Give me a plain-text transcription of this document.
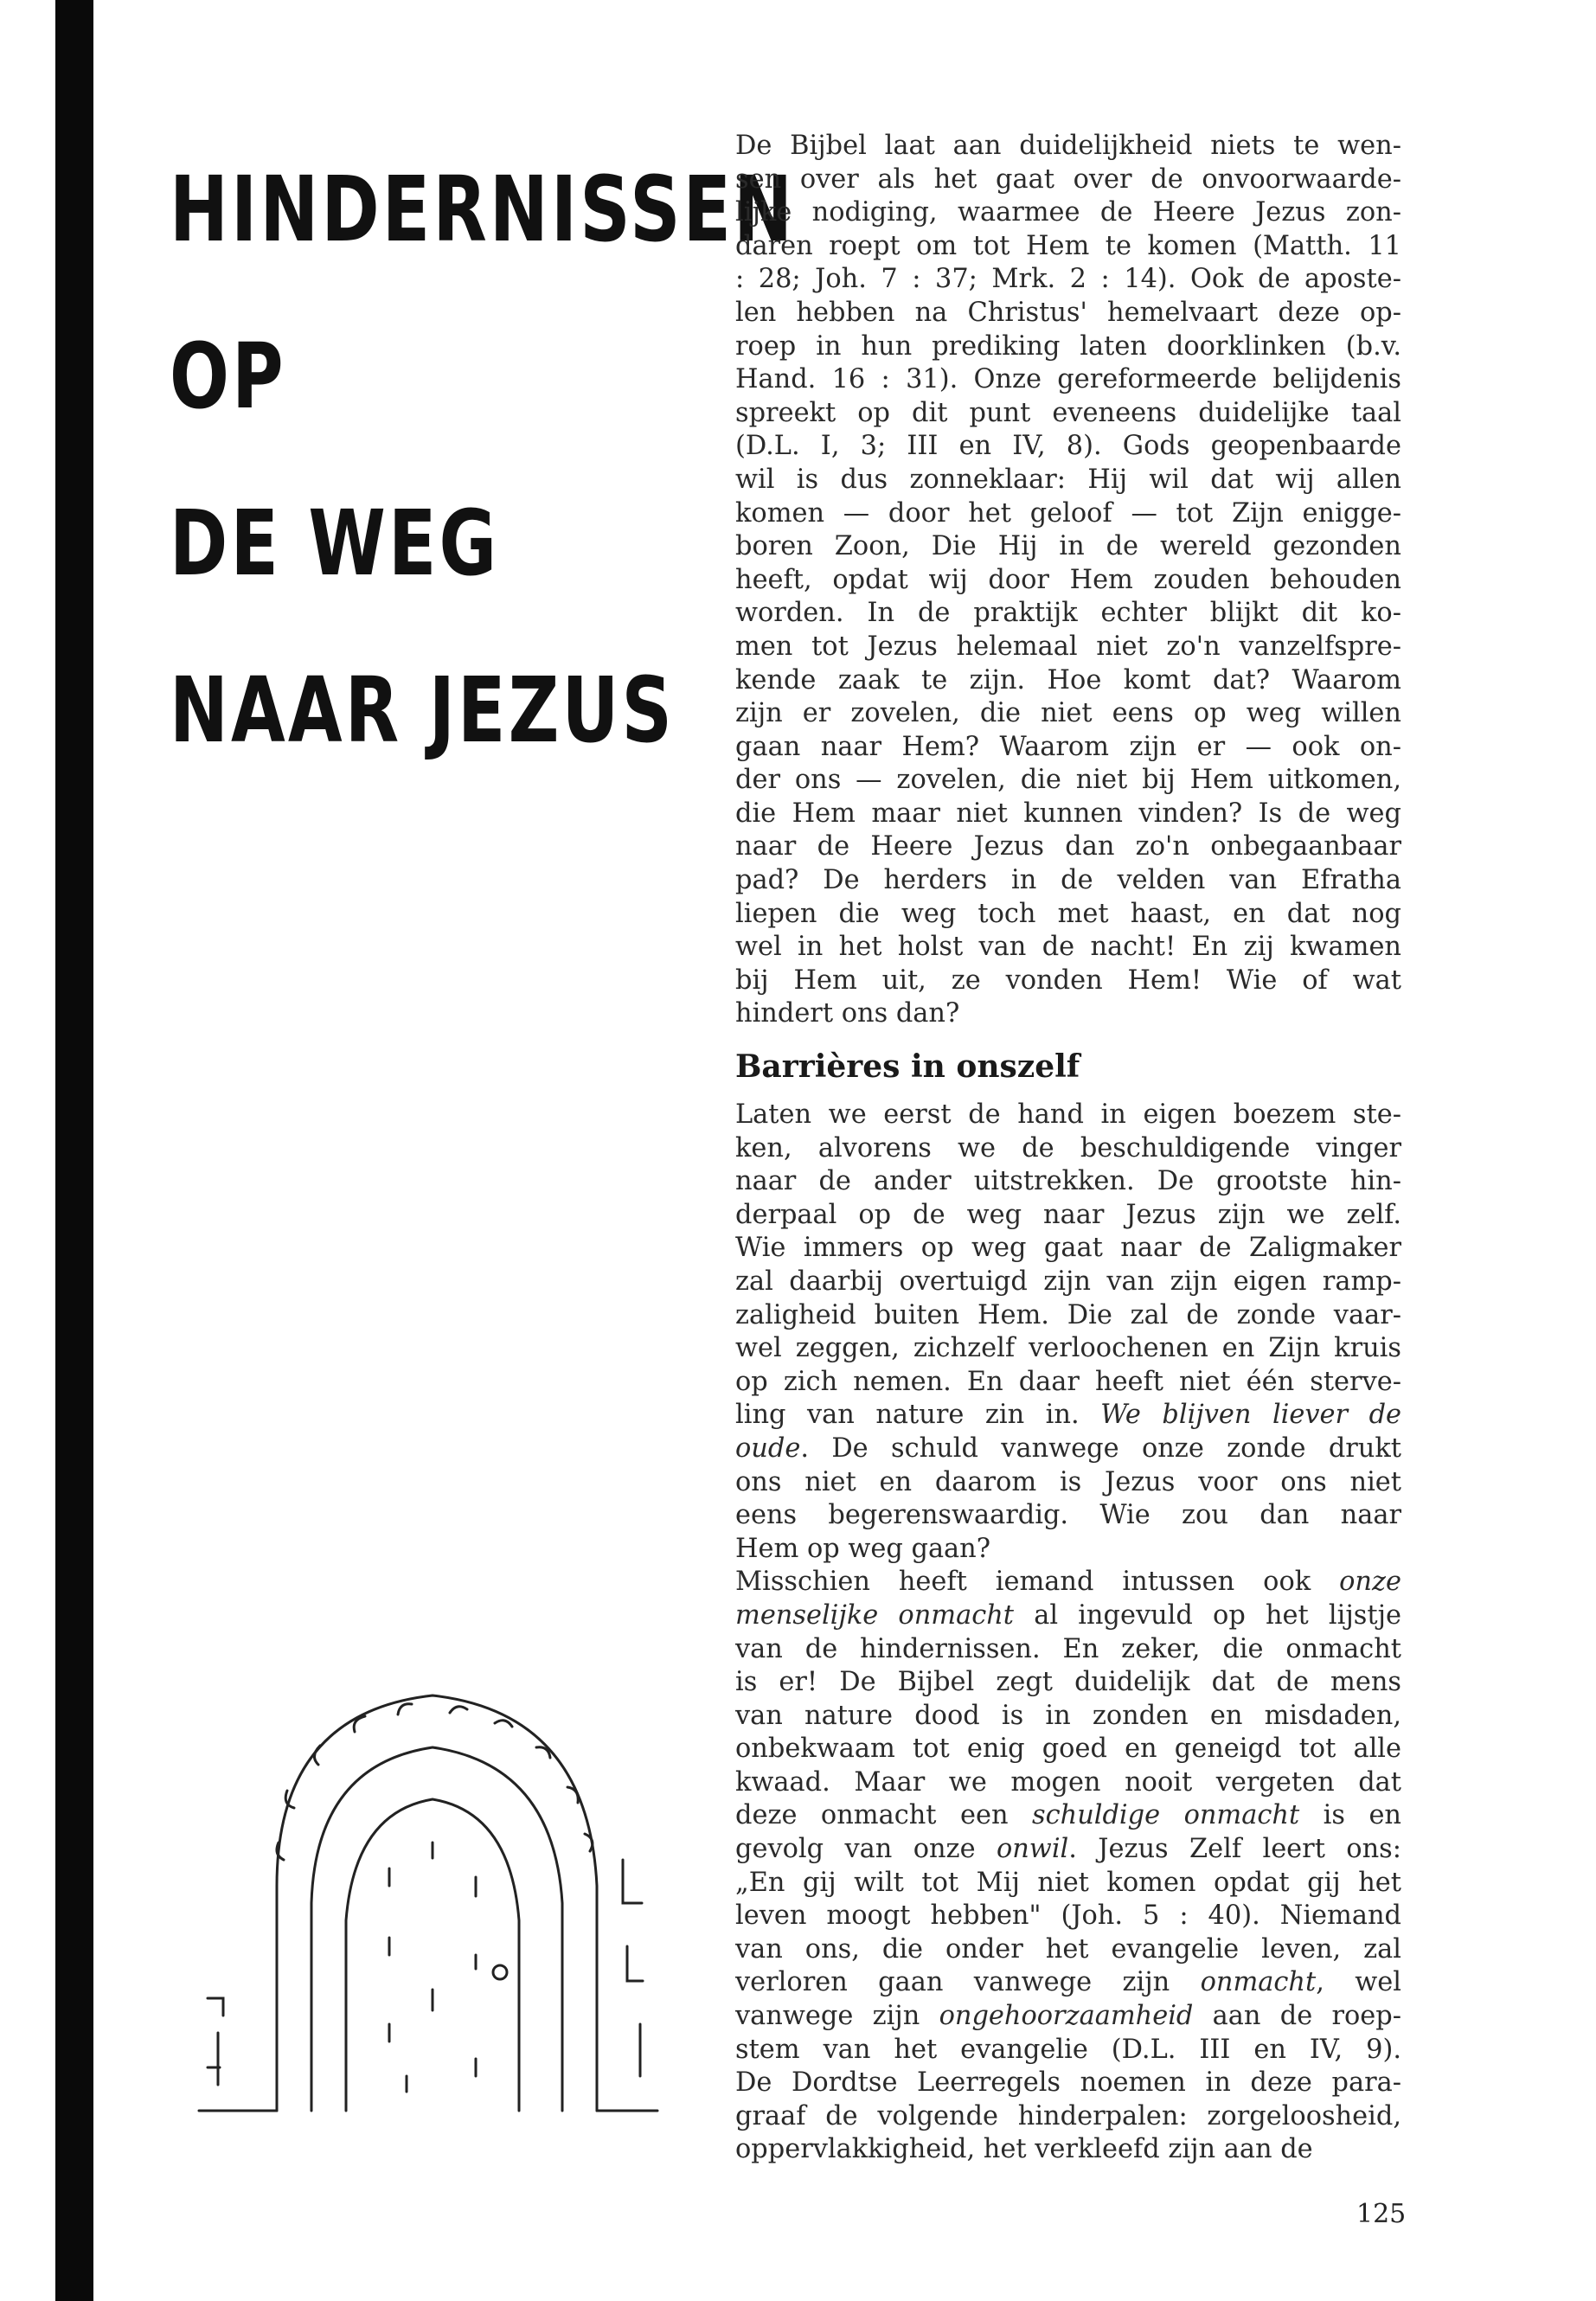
HINDERNISSEN
OP
DE WEG
NAAR JEZUS

De Bijbel laat aan duidelijkheid niets te wen-
sen over als het gaat over de onvoorwaarde-
lijke nodiging, waarmee de Heere Jezus zon-
daren roept om tot Hem te komen (Matth. 11
: 28; Joh. 7 : 37; Mrk. 2 : 14). Ook de aposte-
len hebben na Christus' hemelvaart deze op-
roep in hun prediking laten doorklinken (b.v.
Hand. 16 : 31). Onze gereformeerde belijdenis
spreekt op dit punt eveneens duidelijke taal
(D.L. I, 3; III en IV, 8). Gods geopenbaarde
wil is dus zonneklaar: Hij wil dat wij allen
komen — door het geloof — tot Zijn enigge-
boren Zoon, Die Hij in de wereld gezonden
heeft, opdat wij door Hem zouden behouden
worden. In de praktijk echter blijkt dit ko-
men tot Jezus helemaal niet zo'n vanzelfspre-
kende zaak te zijn. Hoe komt dat? Waarom
zijn er zovelen, die niet eens op weg willen
gaan naar Hem? Waarom zijn er — ook on-
der ons — zovelen, die niet bij Hem uitkomen,
die Hem maar niet kunnen vinden? Is de weg
naar de Heere Jezus dan zo'n onbegaanbaar
pad? De herders in de velden van Efratha
liepen die weg toch met haast, en dat nog
wel in het holst van de nacht! En zij kwamen
bij Hem uit, ze vonden Hem! Wie of wat
hindert ons dan?

Barrières in onszelf

Laten we eerst de hand in eigen boezem ste-
ken, alvorens we de beschuldigende vinger
naar de ander uitstrekken. De grootste hin-
derpaal op de weg naar Jezus zijn we zelf.
Wie immers op weg gaat naar de Zaligmaker
zal daarbij overtuigd zijn van zijn eigen ramp-
zaligheid buiten Hem. Die zal de zonde vaar-
wel zeggen, zichzelf verloochenen en Zijn kruis
op zich nemen. En daar heeft niet één sterve-
ling van nature zin in. We blijven liever de
oude. De schuld vanwege onze zonde drukt
ons niet en daarom is Jezus voor ons niet
eens begerenswaardig. Wie zou dan naar
Hem op weg gaan?
Misschien heeft iemand intussen ook onze
menselijke onmacht al ingevuld op het lijstje
van de hindernissen. En zeker, die onmacht
is er! De Bijbel zegt duidelijk dat de mens
van nature dood is in zonden en misdaden,
onbekwaam tot enig goed en geneigd tot alle
kwaad. Maar we mogen nooit vergeten dat
deze onmacht een schuldige onmacht is en
gevolg van onze onwil. Jezus Zelf leert ons:
„En gij wilt tot Mij niet komen opdat gij het
leven moogt hebben" (Joh. 5 : 40). Niemand
van ons, die onder het evangelie leven, zal
verloren gaan vanwege zijn onmacht, wel
vanwege zijn ongehoorzaamheid aan de roep-
stem van het evangelie (D.L. III en IV, 9).
De Dordtse Leerregels noemen in deze para-
graaf de volgende hinderpalen: zorgeloosheid,
oppervlakkigheid, het verkleefd zijn aan de

125
